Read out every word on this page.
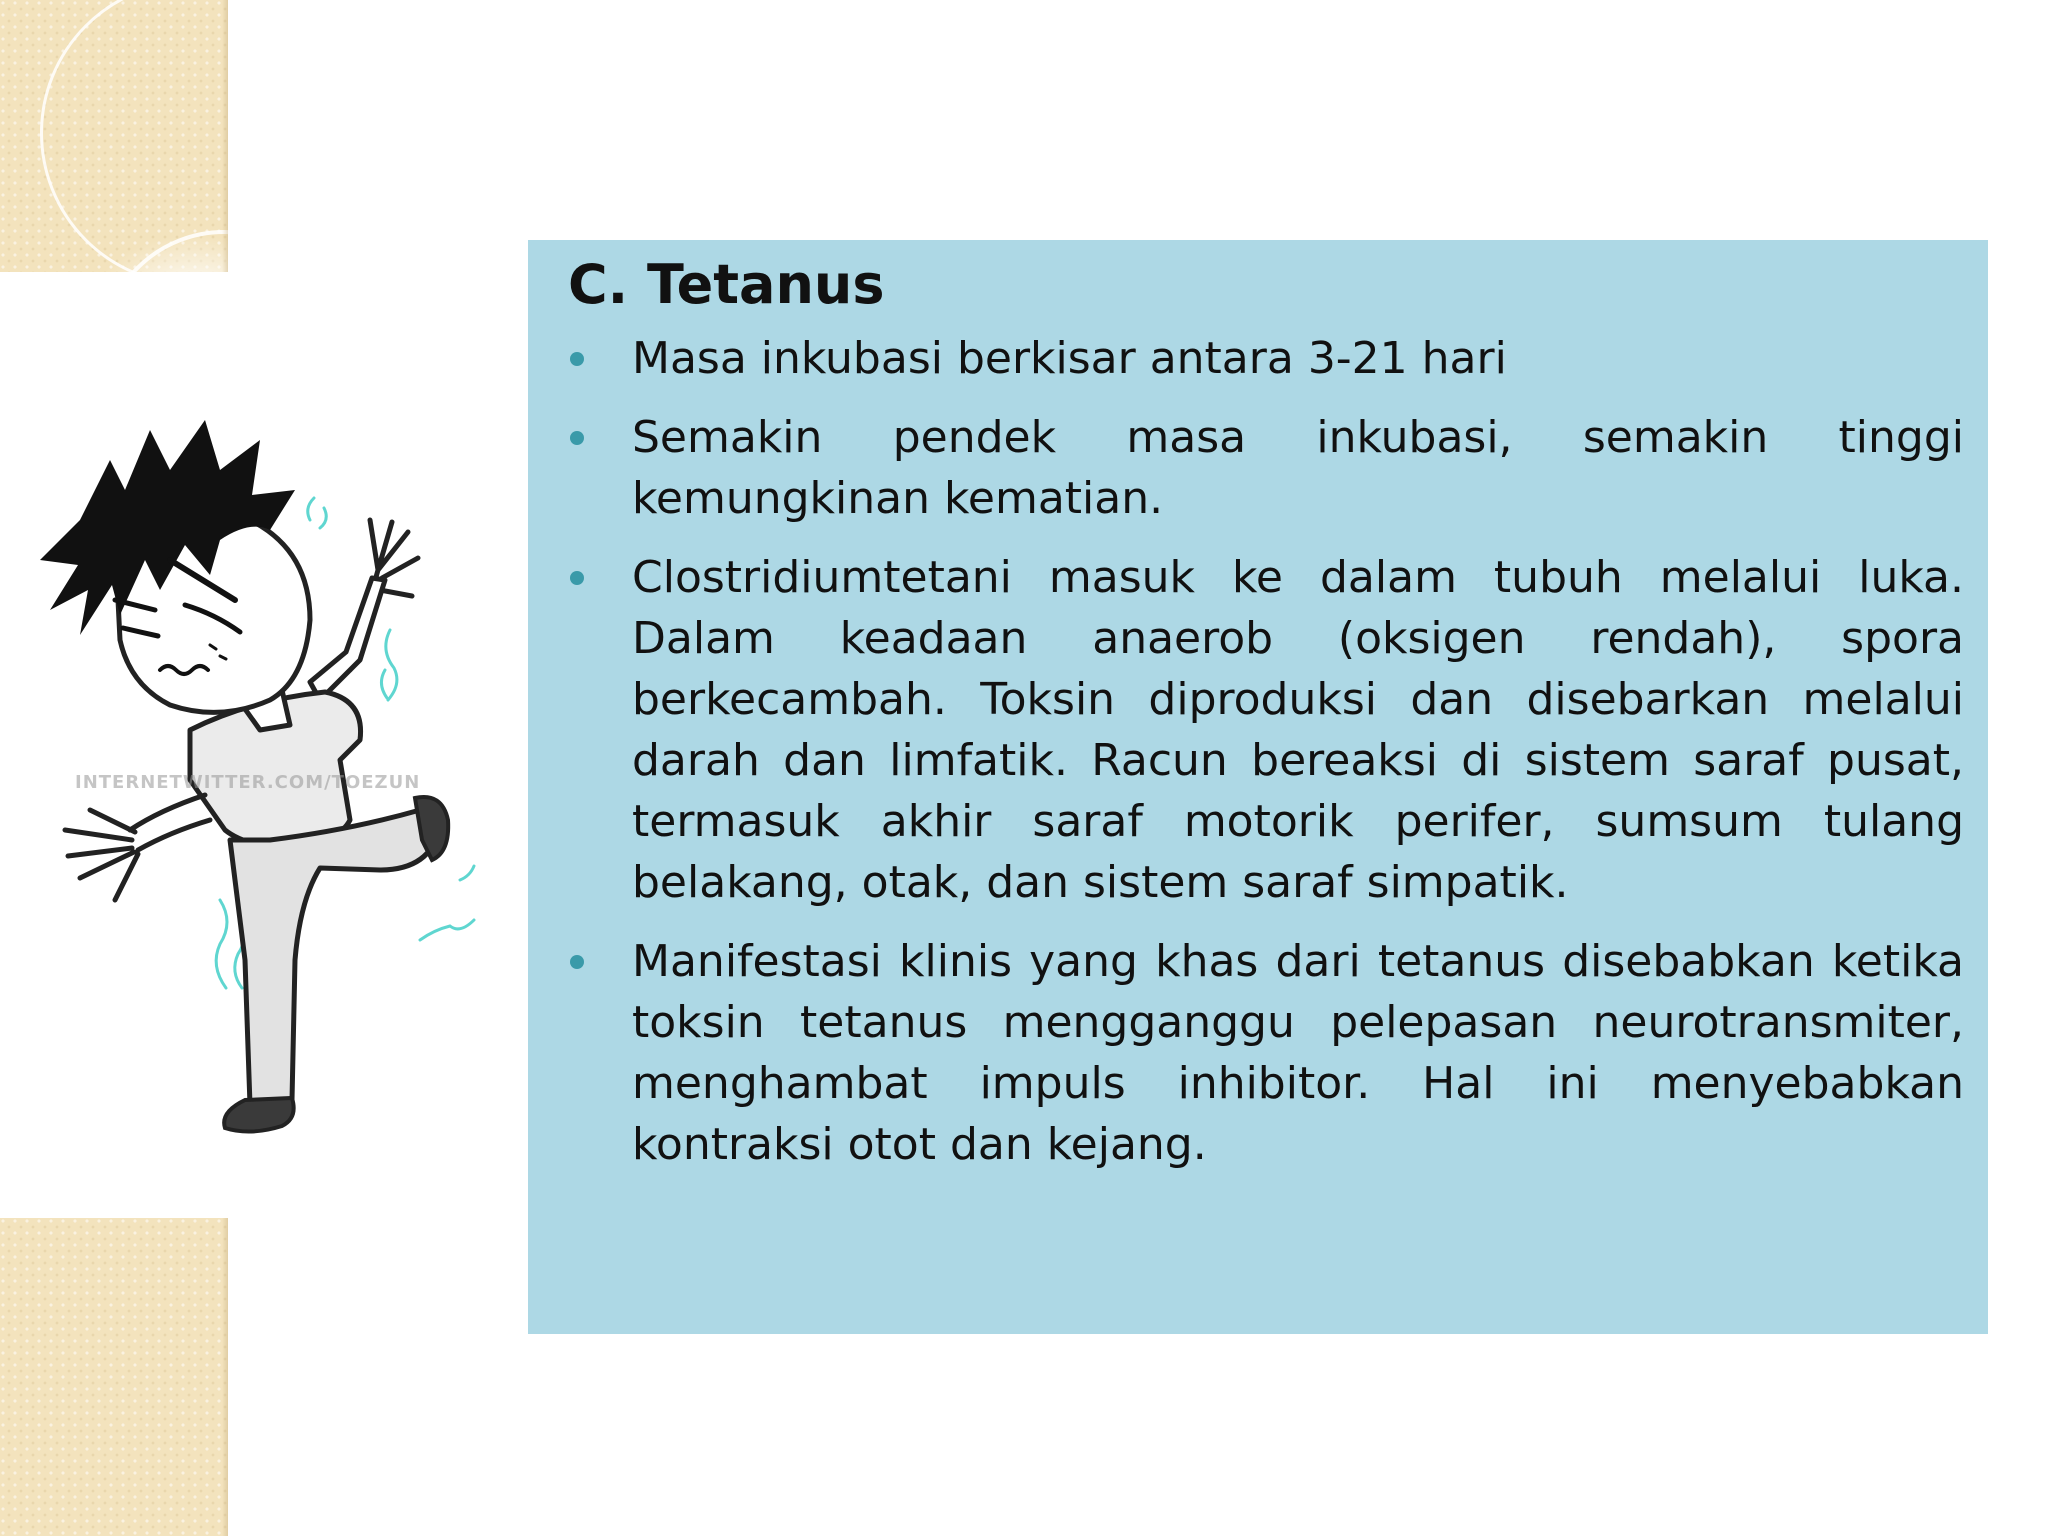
INTERNETWITTER.COM/TOEZUN
C. Tetanus
Masa inkubasi berkisar antara 3-21 hari
Semakin pendek masa inkubasi, semakin tinggi kemungkinan kematian.
Clostridiumtetani masuk ke dalam tubuh melalui luka. Dalam keadaan anaerob (oksigen rendah), spora berkecambah. Toksin diproduksi dan disebarkan melalui darah dan limfatik. Racun bereaksi di sistem saraf pusat, termasuk akhir saraf motorik perifer, sumsum tulang belakang, otak, dan sistem saraf simpatik.
Manifestasi klinis yang khas dari tetanus disebabkan ketika toksin tetanus mengganggu pelepasan neurotransmiter, menghambat impuls inhibitor. Hal ini menyebabkan kontraksi otot dan kejang.
